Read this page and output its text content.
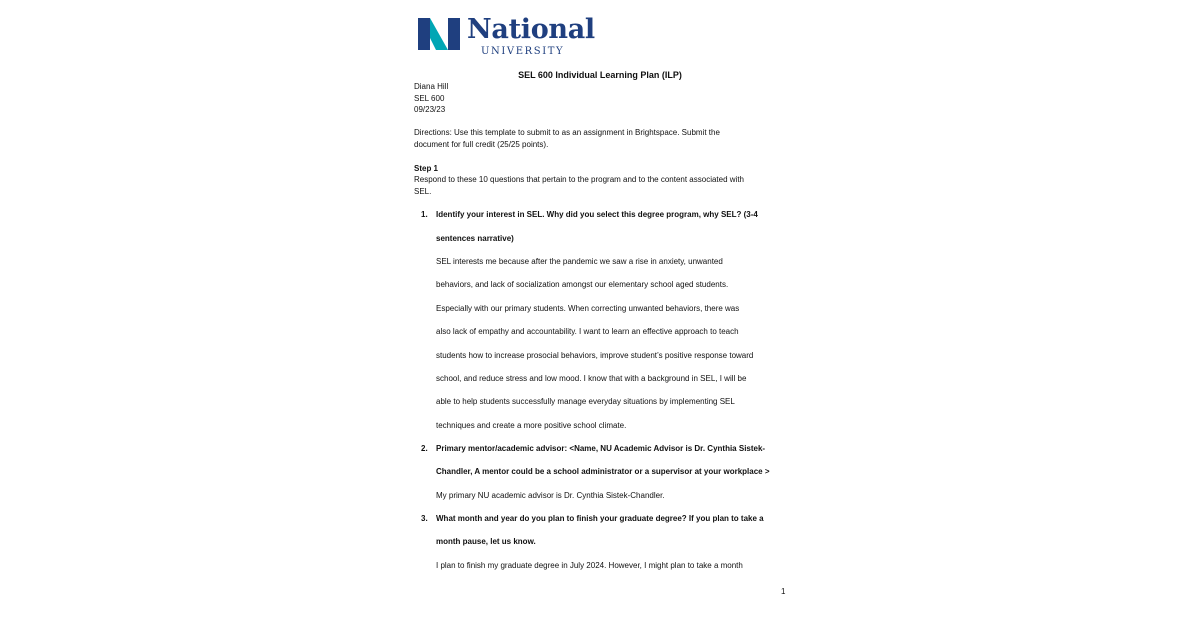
National
UNIVERSITY
SEL 600 Individual Learning Plan (ILP)
Diana Hill
SEL 600
09/23/23
Directions: Use this template to submit to as an assignment in Brightspace. Submit the
document for full credit (25/25 points).
Step 1
Respond to these 10 questions that pertain to the program and to the content associated with
SEL.
1. Identify your interest in SEL. Why did you select this degree program, why SEL? (3-4
sentences narrative)
SEL interests me because after the pandemic we saw a rise in anxiety, unwanted
behaviors, and lack of socialization amongst our elementary school aged students.
Especially with our primary students. When correcting unwanted behaviors, there was
also lack of empathy and accountability. I want to learn an effective approach to teach
students how to increase prosocial behaviors, improve student’s positive response toward
school, and reduce stress and low mood. I know that with a background in SEL, I will be
able to help students successfully manage everyday situations by implementing SEL
techniques and create a more positive school climate.
2. Primary mentor/academic advisor: <Name, NU Academic Advisor is Dr. Cynthia Sistek-
Chandler, A mentor could be a school administrator or a supervisor at your workplace >
My primary NU academic advisor is Dr. Cynthia Sistek-Chandler.
3. What month and year do you plan to finish your graduate degree? If you plan to take a
month pause, let us know.
I plan to finish my graduate degree in July 2024. However, I might plan to take a month
1
